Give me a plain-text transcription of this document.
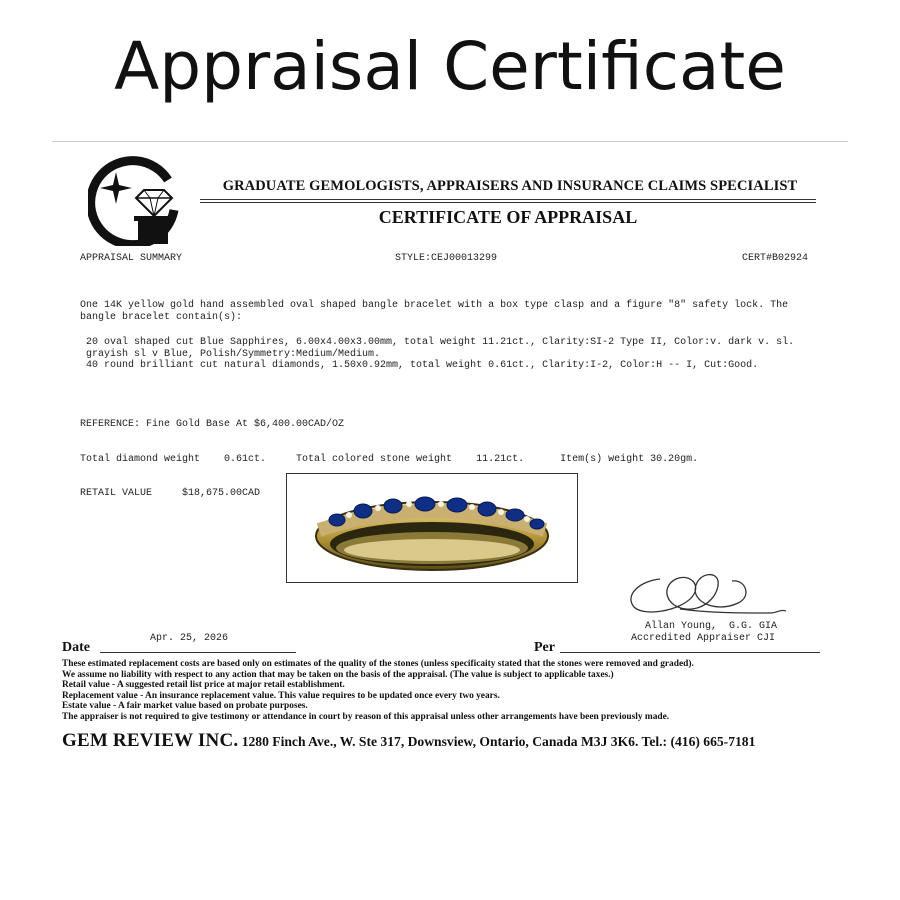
Appraisal Certificate
GRADUATE GEMOLOGISTS, APPRAISERS AND INSURANCE CLAIMS SPECIALIST
CERTIFICATE OF APPRAISAL
APPRAISAL SUMMARY	STYLE:CEJ00013299	CERT#B02924
One 14K yellow gold hand assembled oval shaped bangle bracelet with a box type clasp and a figure "8" safety lock. The bangle bracelet contain(s):
20 oval shaped cut Blue Sapphires, 6.00x4.00x3.00mm, total weight 11.21ct., Clarity:SI-2 Type II, Color:v. dark v. sl. grayish sl v Blue, Polish/Symmetry:Medium/Medium.
40 round brilliant cut natural diamonds, 1.50x0.92mm, total weight 0.61ct., Clarity:I-2, Color:H -- I, Cut:Good.

REFERENCE: Fine Gold Base At $6,400.00CAD/OZ

Total diamond weight    0.61ct.     Total colored stone weight    11.21ct.      Item(s) weight 30.20gm.

RETAIL VALUE     $18,675.00CAD

Allan Young,  G.G. GIA
Accredited Appraiser CJI
Date
Apr. 25, 2026
Per
These estimated replacement costs are based only on estimates of the quality of the stones (unless specificaity stated that the stones were removed and graded).
We assume no liability with respect to any action that may be taken on the basis of the appraisal. (The value is subject to applicable taxes.)
Retail value - A suggested retail list price at major retail establishment.
Replacement value - An insurance replacement value. This value requires to be updated once every two years.
Estate value - A fair market value based on probate purposes.
The appraiser is not required to give testimony or attendance in court by reason of this appraisal unless other arrangements have been previously made.
GEM REVIEW INC. 1280 Finch Ave., W. Ste 317, Downsview, Ontario, Canada M3J 3K6. Tel.: (416) 665-7181
